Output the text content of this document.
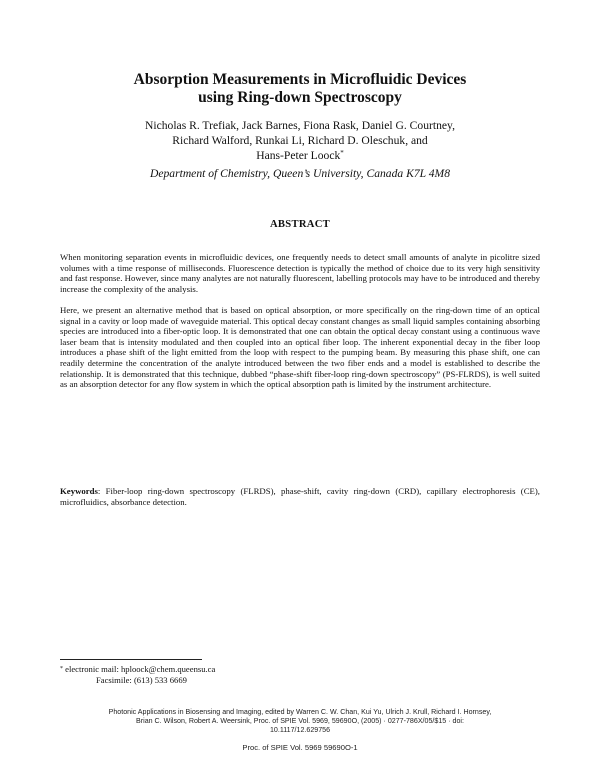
Absorption Measurements in Microfluidic Devices
using Ring-down Spectroscopy
Nicholas R. Trefiak, Jack Barnes, Fiona Rask, Daniel G. Courtney,
Richard Walford, Runkai Li, Richard D. Oleschuk, and
Hans-Peter Loock*
Department of Chemistry, Queen’s University, Canada K7L 4M8
ABSTRACT

When monitoring separation events in microfluidic devices, one frequently needs to detect small amounts of analyte in picolitre sized volumes with a time response of milliseconds. Fluorescence detection is typically the method of choice due to its very high sensitivity and fast response. However, since many analytes are not naturally fluorescent, labelling protocols may have to be introduced and thereby increase the complexity of the analysis.

Here, we present an alternative method that is based on optical absorption, or more specifically on the ring-down time of an optical signal in a cavity or loop made of waveguide material. This optical decay constant changes as small liquid samples containing absorbing species are introduced into a fiber-optic loop. It is demonstrated that one can obtain the optical decay constant using a continuous wave laser beam that is intensity modulated and then coupled into an optical fiber loop. The inherent exponential decay in the fiber loop introduces a phase shift of the light emitted from the loop with respect to the pumping beam. By measuring this phase shift, one can readily determine the concentration of the analyte introduced between the two fiber ends and a model is established to describe the relationship. It is demonstrated that this technique, dubbed “phase-shift fiber-loop ring-down spectroscopy” (PS-FLRDS), is well suited as an absorption detector for any flow system in which the optical absorption path is limited by the instrument architecture.

Keywords: Fiber-loop ring-down spectroscopy (FLRDS), phase-shift, cavity ring-down (CRD), capillary electrophoresis (CE), microfluidics, absorbance detection.

* electronic mail: hploock@chem.queensu.ca
Facsimile: (613) 533 6669
Photonic Applications in Biosensing and Imaging, edited by Warren C. W. Chan, Kui Yu, Ulrich J. Krull, Richard I. Hornsey,
Brian C. Wilson, Robert A. Weersink, Proc. of SPIE Vol. 5969, 59690O, (2005) · 0277-786X/05/$15 · doi:
10.1117/12.629756
Proc. of SPIE Vol. 5969 59690O-1
